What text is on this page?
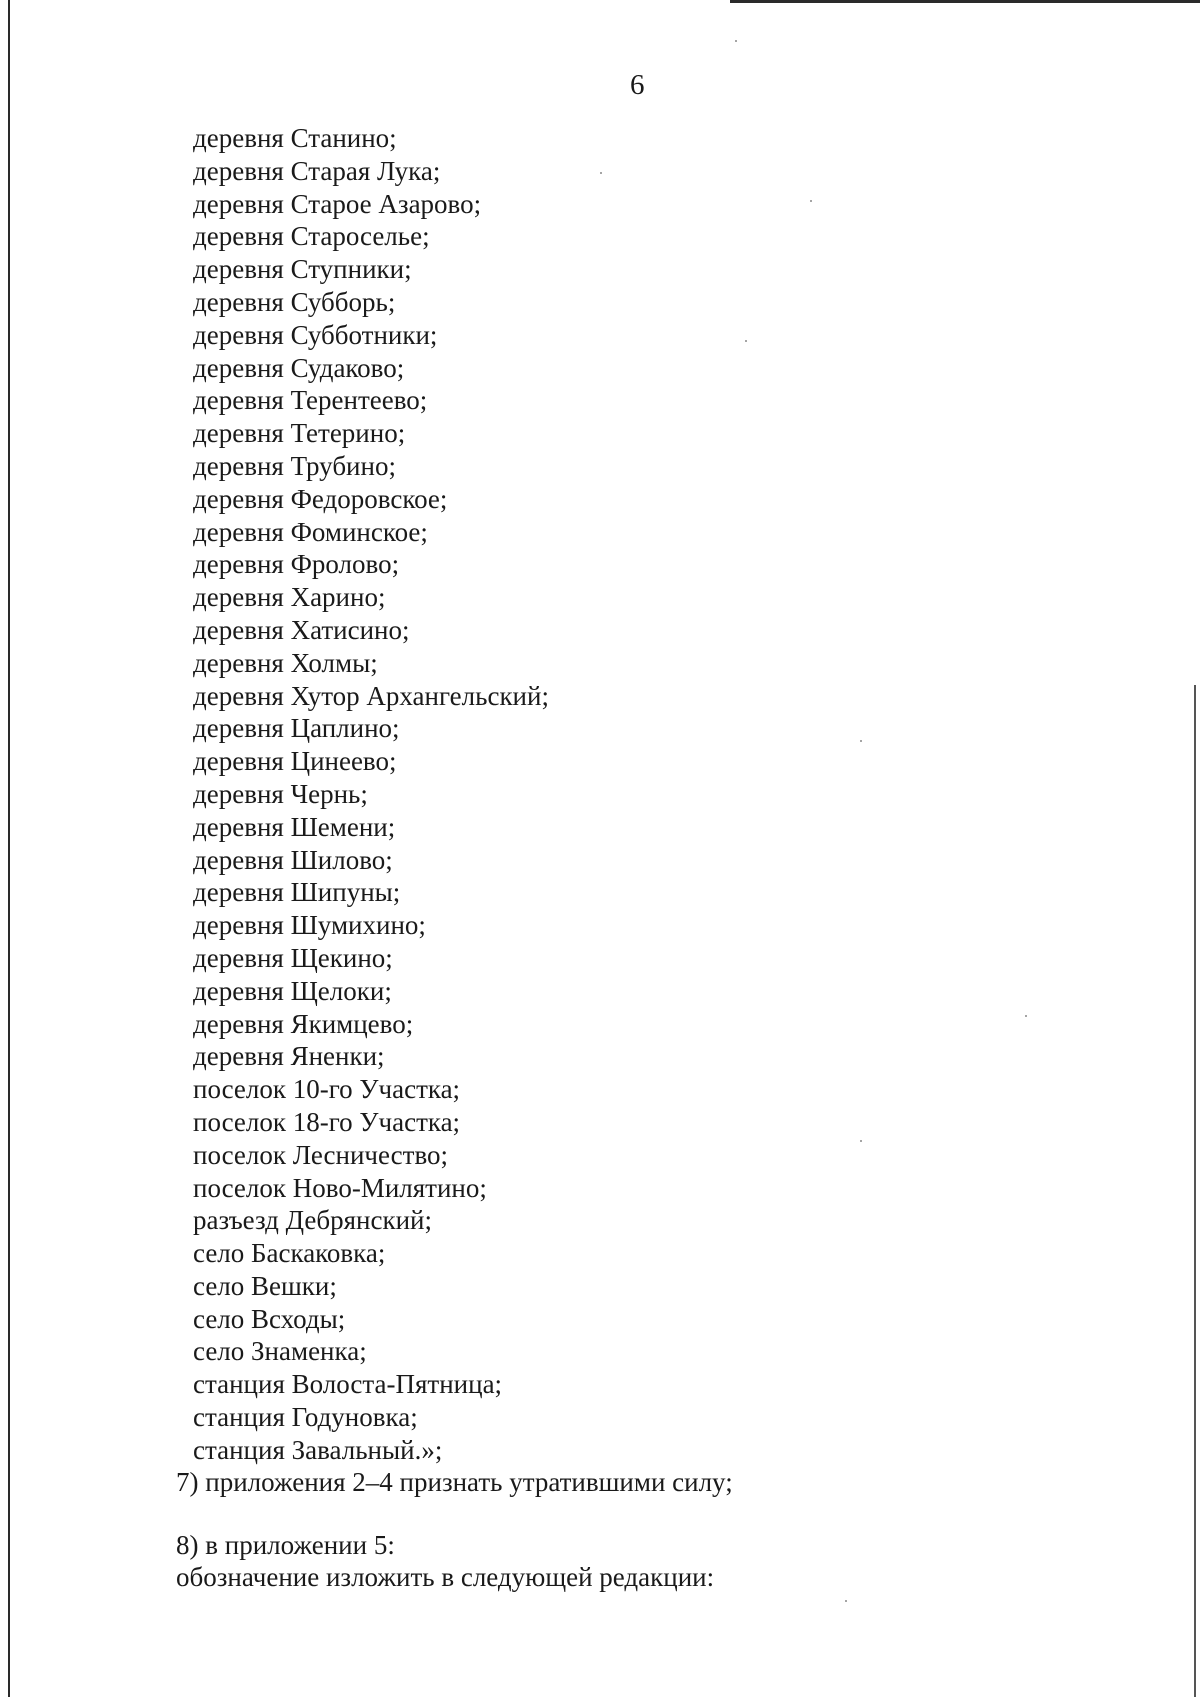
6
деревня Станино;
деревня Старая Лука;
деревня Старое Азарово;
деревня Староселье;
деревня Ступники;
деревня Субборь;
деревня Субботники;
деревня Судаково;
деревня Терентеево;
деревня Тетерино;
деревня Трубино;
деревня Федоровское;
деревня Фоминское;
деревня Фролово;
деревня Харино;
деревня Хатисино;
деревня Холмы;
деревня Хутор Архангельский;
деревня Цаплино;
деревня Цинеево;
деревня Чернь;
деревня Шемени;
деревня Шилово;
деревня Шипуны;
деревня Шумихино;
деревня Щекино;
деревня Щелоки;
деревня Якимцево;
деревня Яненки;
поселок 10-го Участка;
поселок 18-го Участка;
поселок Лесничество;
поселок Ново-Милятино;
разъезд Дебрянский;
село Баскаковка;
село Вешки;
село Всходы;
село Знаменка;
станция Волоста-Пятница;
станция Годуновка;
станция Завальный.»;
7) приложения 2–4 признать утратившими силу;
8) в приложении 5:
обозначение изложить в следующей редакции:
